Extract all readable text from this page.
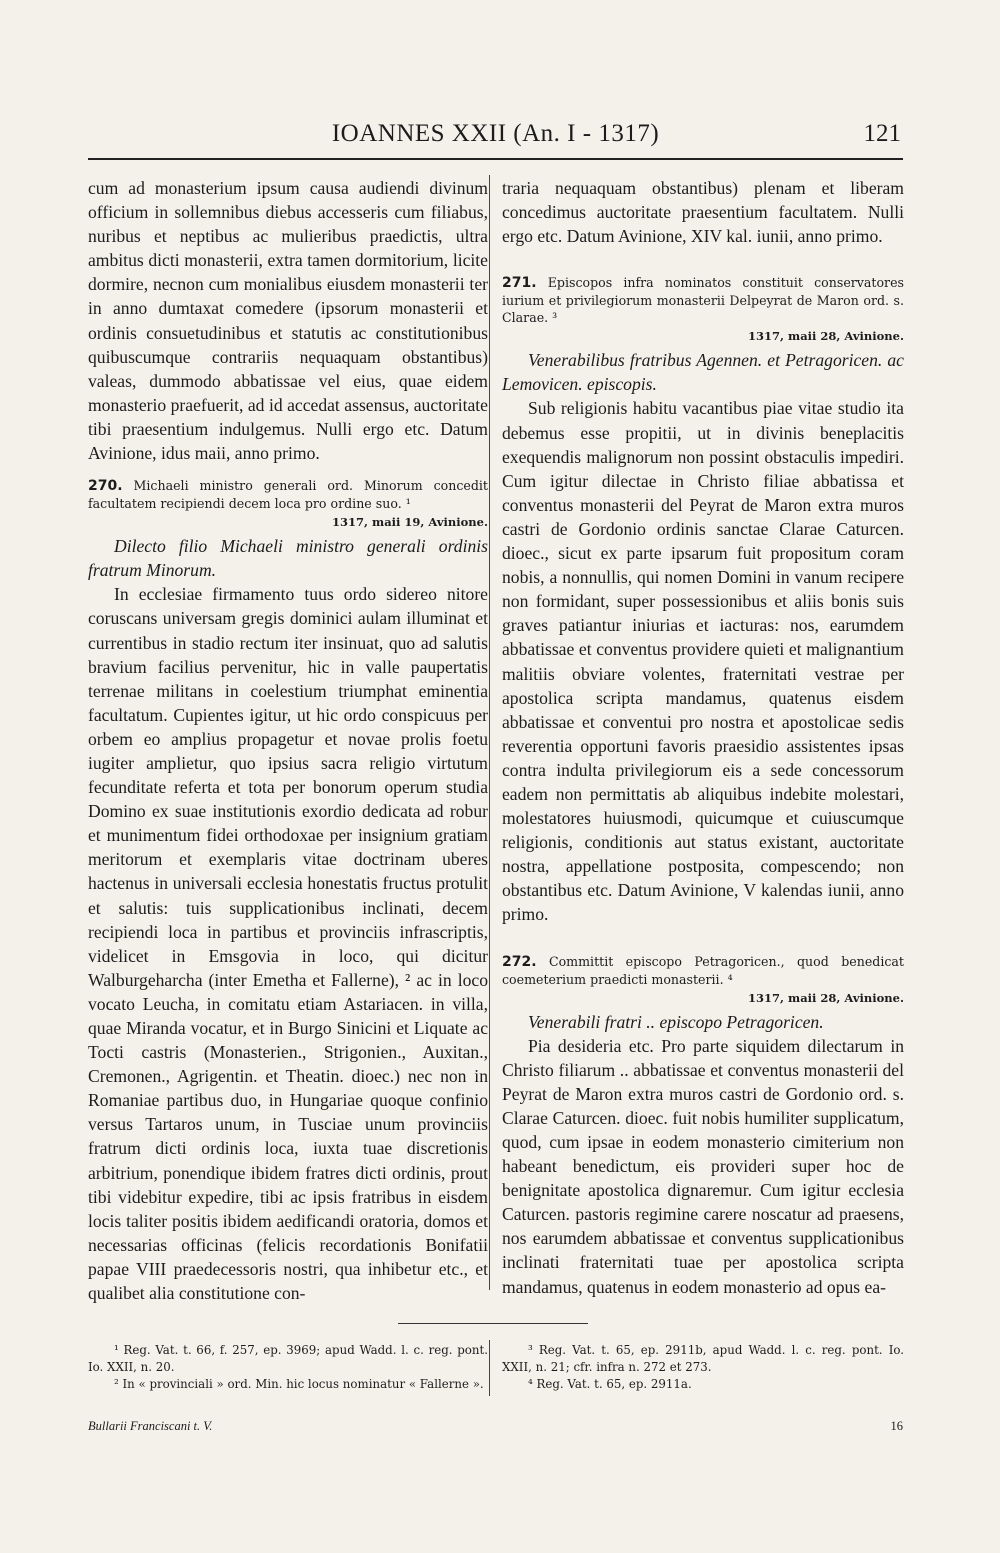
IOANNES XXII (An. I - 1317)	121

cum ad monasterium ipsum causa audiendi divinum officium in sollemnibus diebus accesseris cum filiabus, nuribus et neptibus ac mulieribus praedictis, ultra ambitus dicti monasterii, extra tamen dormitorium, licite dormire, necnon cum monialibus eiusdem monasterii ter in anno dumtaxat comedere (ipsorum monasterii et ordinis consuetudinibus et statutis ac constitutionibus quibuscumque contrariis nequaquam obstantibus) valeas, dummodo abbatissae vel eius, quae eidem monasterio praefuerit, ad id accedat assensus, auctoritate tibi praesentium indulgemus. Nulli ergo etc. Datum Avinione, idus maii, anno primo.

270. Michaeli ministro generali ord. Minorum concedit facultatem recipiendi decem loca pro ordine suo. ¹
1317, maii 19, Avinione.

Dilecto filio Michaeli ministro generali ordinis fratrum Minorum.

In ecclesiae firmamento tuus ordo sidereo nitore coruscans universam gregis dominici aulam illuminat et currentibus in stadio rectum iter insinuat, quo ad salutis bravium facilius pervenitur, hic in valle paupertatis terrenae militans in coelestium triumphat eminentia facultatum. Cupientes igitur, ut hic ordo conspicuus per orbem eo amplius propagetur et novae prolis foetu iugiter amplietur, quo ipsius sacra religio virtutum fecunditate referta et tota per bonorum operum studia Domino ex suae institutionis exordio dedicata ad robur et munimentum fidei orthodoxae per insignium gratiam meritorum et exemplaris vitae doctrinam uberes hactenus in universali ecclesia honestatis fructus protulit et salutis: tuis supplicationibus inclinati, decem recipiendi loca in partibus et provinciis infrascriptis, videlicet in Emsgovia in loco, qui dicitur Walburgeharcha (inter Emetha et Fallerne), ² ac in loco vocato Leucha, in comitatu etiam Astariacen. in villa, quae Miranda vocatur, et in Burgo Sinicini et Liquate ac Tocti castris (Monasterien., Strigonien., Auxitan., Cremonen., Agrigentin. et Theatin. dioec.) nec non in Romaniae partibus duo, in Hungariae quoque confinio versus Tartaros unum, in Tusciae unum provinciis fratrum dicti ordinis loca, iuxta tuae discretionis arbitrium, ponendique ibidem fratres dicti ordinis, prout tibi videbitur expedire, tibi ac ipsis fratribus in eisdem locis taliter positis ibidem aedificandi oratoria, domos et necessarias officinas (felicis recordationis Bonifatii papae VIII praedecessoris nostri, qua inhibetur etc., et qualibet alia constitutione con-

traria nequaquam obstantibus) plenam et liberam concedimus auctoritate praesentium facultatem. Nulli ergo etc. Datum Avinione, XIV kal. iunii, anno primo.

271. Episcopos infra nominatos constituit conservatores iurium et privilegiorum monasterii Delpeyrat de Maron ord. s. Clarae. ³
1317, maii 28, Avinione.

Venerabilibus fratribus Agennen. et Petragoricen. ac Lemovicen. episcopis.

Sub religionis habitu vacantibus piae vitae studio ita debemus esse propitii, ut in divinis beneplacitis exequendis malignorum non possint obstaculis impediri. Cum igitur dilectae in Christo filiae abbatissa et conventus monasterii del Peyrat de Maron extra muros castri de Gordonio ordinis sanctae Clarae Caturcen. dioec., sicut ex parte ipsarum fuit propositum coram nobis, a nonnullis, qui nomen Domini in vanum recipere non formidant, super possessionibus et aliis bonis suis graves patiantur iniurias et iacturas: nos, earumdem abbatissae et conventus providere quieti et malignantium malitiis obviare volentes, fraternitati vestrae per apostolica scripta mandamus, quatenus eisdem abbatissae et conventui pro nostra et apostolicae sedis reverentia opportuni favoris praesidio assistentes ipsas contra indulta privilegiorum eis a sede concessorum eadem non permittatis ab aliquibus indebite molestari, molestatores huiusmodi, quicumque et cuiuscumque religionis, conditionis aut status existant, auctoritate nostra, appellatione postposita, compescendo; non obstantibus etc. Datum Avinione, V kalendas iunii, anno primo.

272. Committit episcopo Petragoricen., quod benedicat coemeterium praedicti monasterii. ⁴
1317, maii 28, Avinione.

Venerabili fratri .. episcopo Petragoricen.

Pia desideria etc. Pro parte siquidem dilectarum in Christo filiarum .. abbatissae et conventus monasterii del Peyrat de Maron extra muros castri de Gordonio ord. s. Clarae Caturcen. dioec. fuit nobis humiliter supplicatum, quod, cum ipsae in eodem monasterio cimiterium non habeant benedictum, eis provideri super hoc de benignitate apostolica dignaremur. Cum igitur ecclesia Caturcen. pastoris regimine carere noscatur ad praesens, nos earumdem abbatissae et conventus supplicationibus inclinati fraternitati tuae per apostolica scripta mandamus, quatenus in eodem monasterio ad opus ea-

¹ Reg. Vat. t. 66, f. 257, ep. 3969; apud Wadd. l. c. reg. pont. Io. XXII, n. 20.

² In « provinciali » ord. Min. hic locus nominatur « Fallerne ».

³ Reg. Vat. t. 65, ep. 2911b, apud Wadd. l. c. reg. pont. Io. XXII, n. 21; cfr. infra n. 272 et 273.

⁴ Reg. Vat. t. 65, ep. 2911a.

Bullarii Franciscani t. V.	16
